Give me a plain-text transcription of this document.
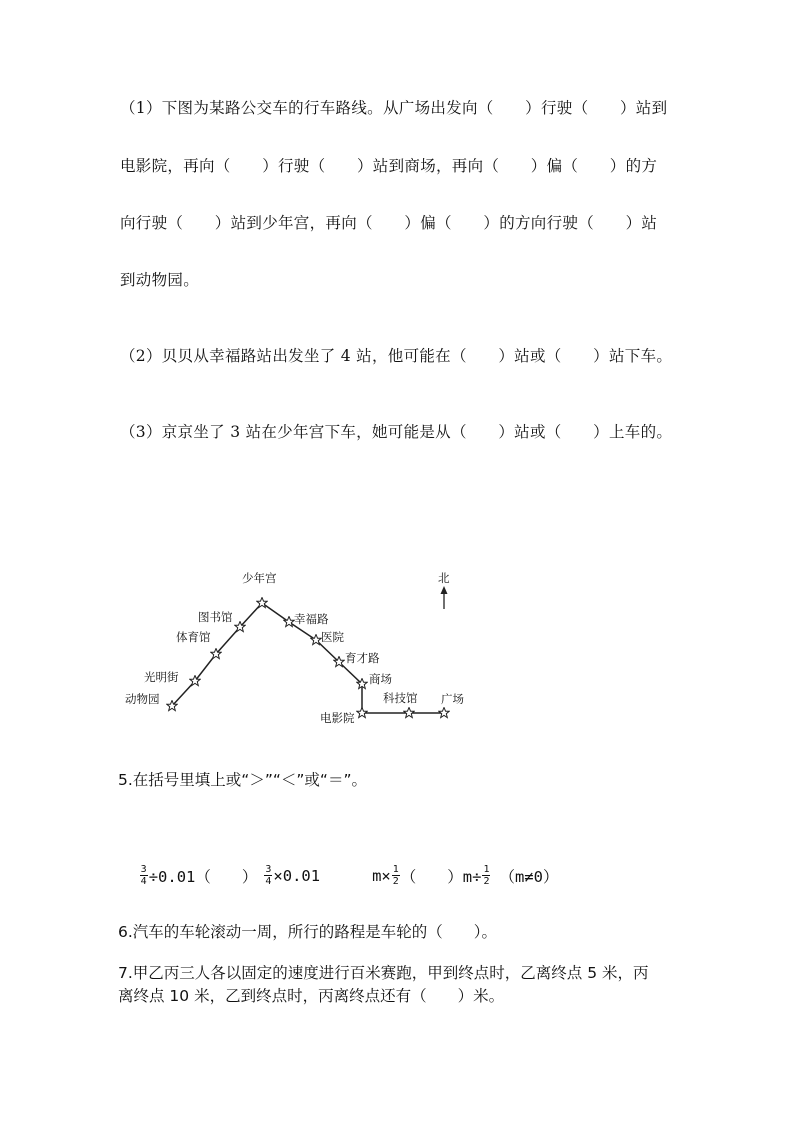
（1）下图为某路公交车的行车路线。从广场出发向（　　）行驶（　　）站到
电影院，再向（　　）行驶（　　）站到商场，再向（　　）偏（　　）的方
向行驶（　　）站到少年宫，再向（　　）偏（　　）的方向行驶（　　）站
到动物园。
（2）贝贝从幸福路站出发坐了 4 站，他可能在（　　）站或（　　）站下车。
（3）京京坐了 3 站在少年宫下车，她可能是从（　　）站或（　　）上车的。
动物园
光明街
体育馆
图书馆
少年宫
幸福路
医院
育才路
商场
电影院
科技馆 广场
北
5.在括号里填上或“＞”“＜”或“＝”。

$\frac{3}{4} \div 0.01$（　　） $\frac{3}{4} \times 0.01$	$m\times \frac{1}{2}$ （　　）$m\div \frac{1}{2} (m\ne 0)$

6.汽车的车轮滚动一周，所行的路程是车轮的（　　）。
7.甲乙丙三人各以固定的速度进行百米赛跑，甲到终点时，乙离终点 5 米，丙
离终点 10 米，乙到终点时，丙离终点还有（　　）米。
